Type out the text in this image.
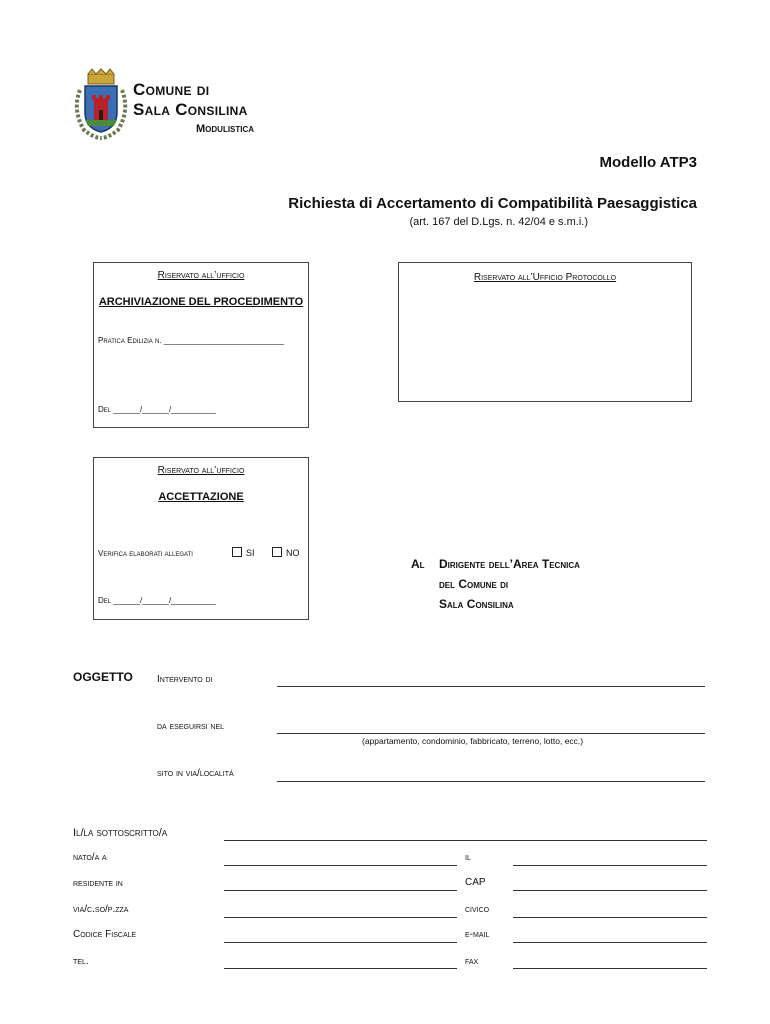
Comune di
Sala Consilina
Modulistica
Modello ATP3
Richiesta di Accertamento di Compatibilità Paesaggistica
(art. 167 del D.Lgs. n. 42/04 e s.m.i.)
Riservato all’ufficio
ARCHIVIAZIONE DEL PROCEDIMENTO
Pratica Edilizia n. ___________________________
Del ______/______/__________
Riservato all’Ufficio Protocollo
Riservato all’ufficio
ACCETTAZIONE
Verifica elaborati allegati	SI	NO
Del ______/______/__________
Al Dirigente dell’Area Tecnica
del Comune di
Sala Consilina
OGGETTO Intervento di
da eseguirsi nel
(appartamento, condominio, fabbricato, terreno, lotto, ecc.)
sito in via/località
Il/la sottoscritto/a
nato/a a	il
residente in	CAP
via/c.so/p.zza	civico
Codice Fiscale	e-mail
tel.	fax
